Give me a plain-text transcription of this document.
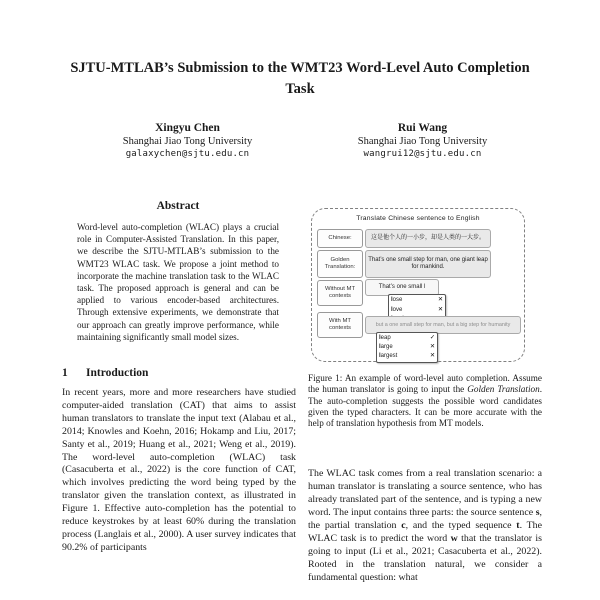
SJTU-MTLAB’s Submission to the WMT23 Word-Level Auto Completion Task
Xingyu Chen
Shanghai Jiao Tong University
galaxychen@sjtu.edu.cn
Rui Wang
Shanghai Jiao Tong University
wangrui12@sjtu.edu.cn
Abstract
Word-level auto-completion (WLAC) plays a crucial role in Computer-Assisted Translation. In this paper, we describe the SJTU-MTLAB’s submission to the WMT23 WLAC task. We propose a joint method to incorporate the machine translation task to the WLAC task. The proposed approach is general and can be applied to various encoder-based architectures. Through extensive experiments, we demonstrate that our approach can greatly improve performance, while maintaining significantly small model sizes.
1	Introduction
In recent years, more and more researchers have studied computer-aided translation (CAT) that aims to assist human translators to translate the input text (Alabau et al., 2014; Knowles and Koehn, 2016; Hokamp and Liu, 2017; Santy et al., 2019; Huang et al., 2021; Weng et al., 2019). The word-level auto-completion (WLAC) task (Casacuberta et al., 2022) is the core function of CAT, which involves predicting the word being typed by the translator given the translation context, as illustrated in Figure 1. Effective auto-completion has the potential to reduce keystrokes by at least 60% during the translation process (Langlais et al., 2000). A user survey indicates that 90.2% of participants
Translate Chinese sentence to English
Chinese:	这是他个人的一小步，却是人类的一大步。
Golden Translation:
That’s one small step for man, one giant leap for mankind.
Without MT contexts
That’s one small l
lose	✕
love	✕
With MT contexts
but a one small step for man, but a big step for humanity
leap	✓
large	✕
largest	✕
Figure 1: An example of word-level auto completion. Assume the human translator is going to input the Golden Translation. The auto-completion suggests the possible word candidates given the typed characters. It can be more accurate with the help of translation hypothesis from MT models.
The WLAC task comes from a real translation scenario: a human translator is translating a source sentence, who has already translated part of the sentence, and is typing a new word. The input contains three parts: the source sentence s, the partial translation c, and the typed sequence t. The WLAC task is to predict the word w that the translator is going to input (Li et al., 2021; Casacuberta et al., 2022). Rooted in the translation natural, we consider a fundamental question: what
